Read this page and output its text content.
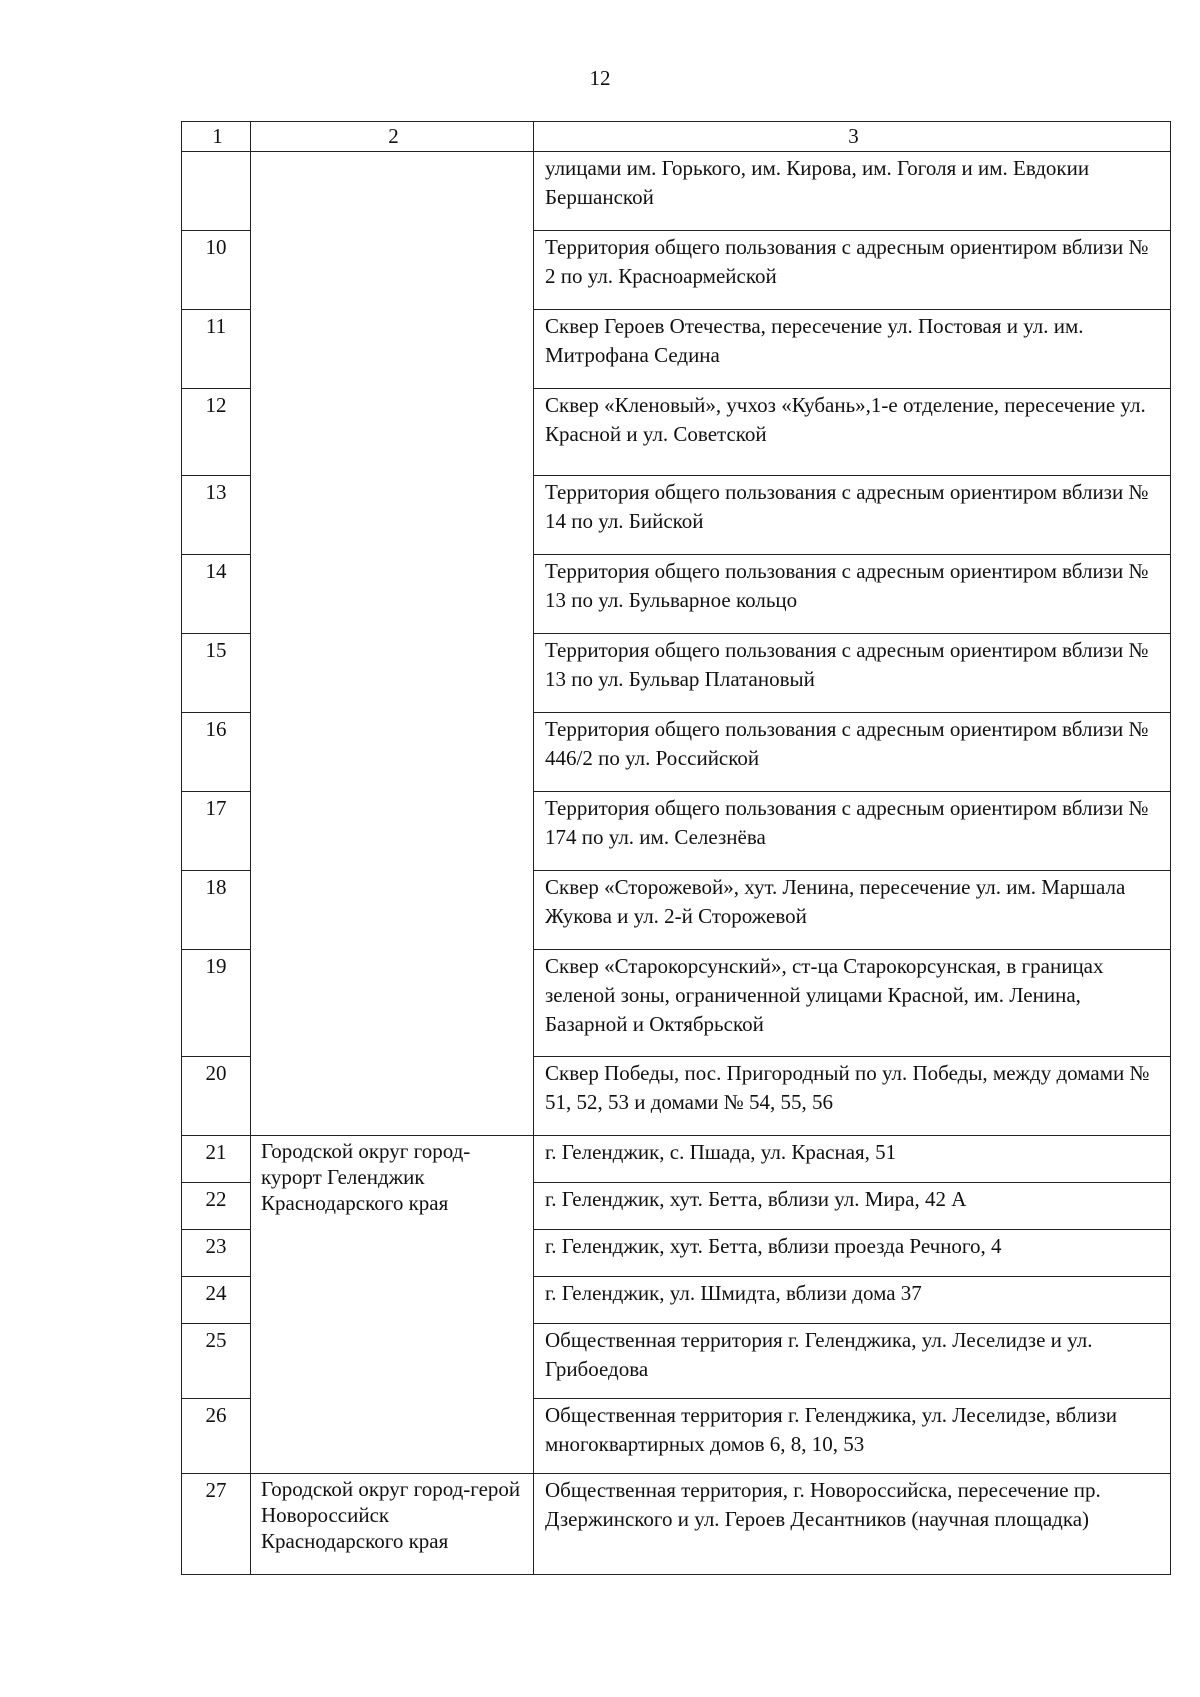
12
1	2	3
		улицами им. Горького, им. Кирова, им. Гоголя и им. Евдокии Бершанской
10		Территория общего пользования с адресным ориентиром вблизи № 2 по ул. Красноармейской
11		Сквер Героев Отечества, пересечение ул. Постовая и ул. им. Митрофана Седина
12		Сквер «Кленовый», учхоз «Кубань»,1-е отделение, пересечение ул. Красной и ул. Советской
13		Территория общего пользования с адресным ориентиром вблизи № 14 по ул. Бийской
14		Территория общего пользования с адресным ориентиром вблизи № 13 по ул. Бульварное кольцо
15		Территория общего пользования с адресным ориентиром вблизи № 13 по ул. Бульвар Платановый
16		Территория общего пользования с адресным ориентиром вблизи № 446/2 по ул. Российской
17		Территория общего пользования с адресным ориентиром вблизи № 174 по ул. им. Селезнёва
18		Сквер «Сторожевой», хут. Ленина, пересечение ул. им. Маршала Жукова и ул. 2-й Сторожевой
19		Сквер «Старокорсунский», ст-ца Старокорсунская, в границах зеленой зоны, ограниченной улицами Красной, им. Ленина, Базарной и Октябрьской
20		Сквер Победы, пос. Пригородный по ул. Победы, между домами № 51, 52, 53 и домами № 54, 55, 56
21	Городской округ город-курорт Геленджик Краснодарского края	г. Геленджик, с. Пшада, ул. Красная, 51
22		г. Геленджик, хут. Бетта, вблизи ул. Мира, 42 А
23		г. Геленджик, хут. Бетта, вблизи проезда Речного, 4
24		г. Геленджик, ул. Шмидта, вблизи дома 37
25		Общественная территория г. Геленджика, ул. Леселидзе и ул. Грибоедова
26		Общественная территория г. Геленджика, ул. Леселидзе, вблизи многоквартирных домов 6, 8, 10, 53
27	Городской округ город-герой Новороссийск Краснодарского края	Общественная территория, г. Новороссийска, пересечение пр. Дзержинского и ул. Героев Десантников (научная площадка)
